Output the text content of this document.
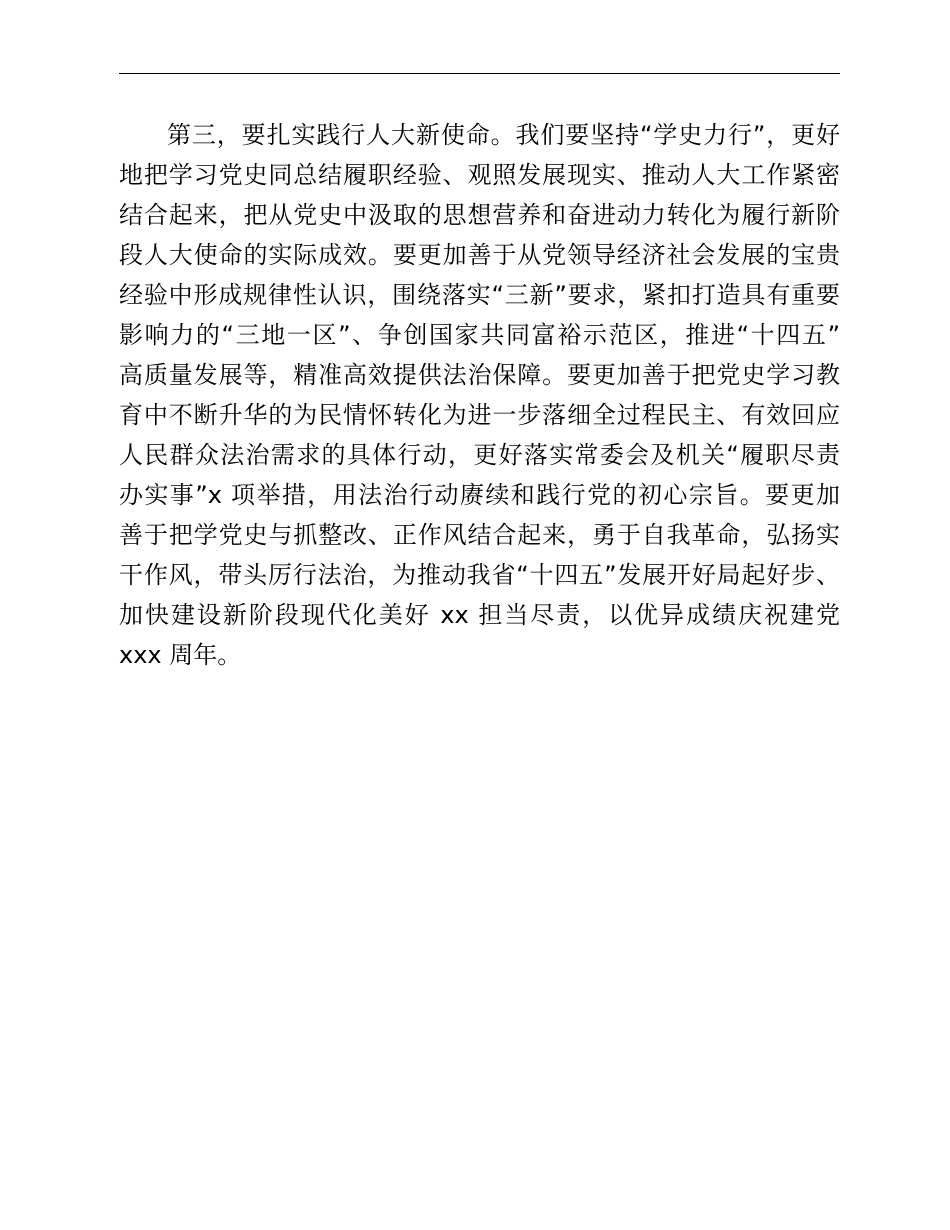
第三，要扎实践行人大新使命。我们要坚持“学史力行”，更好
地把学习党史同总结履职经验、观照发展现实、推动人大工作紧密
结合起来，把从党史中汲取的思想营养和奋进动力转化为履行新阶
段人大使命的实际成效。要更加善于从党领导经济社会发展的宝贵
经验中形成规律性认识，围绕落实“三新”要求，紧扣打造具有重要
影响力的“三地一区”、争创国家共同富裕示范区，推进“十四五”
高质量发展等，精准高效提供法治保障。要更加善于把党史学习教
育中不断升华的为民情怀转化为进一步落细全过程民主、有效回应
人民群众法治需求的具体行动，更好落实常委会及机关“履职尽责
办实事”x 项举措，用法治行动赓续和践行党的初心宗旨。要更加
善于把学党史与抓整改、正作风结合起来，勇于自我革命，弘扬实
干作风，带头厉行法治，为推动我省“十四五”发展开好局起好步、
加快建设新阶段现代化美好 xx 担当尽责，以优异成绩庆祝建党
xxx 周年。
